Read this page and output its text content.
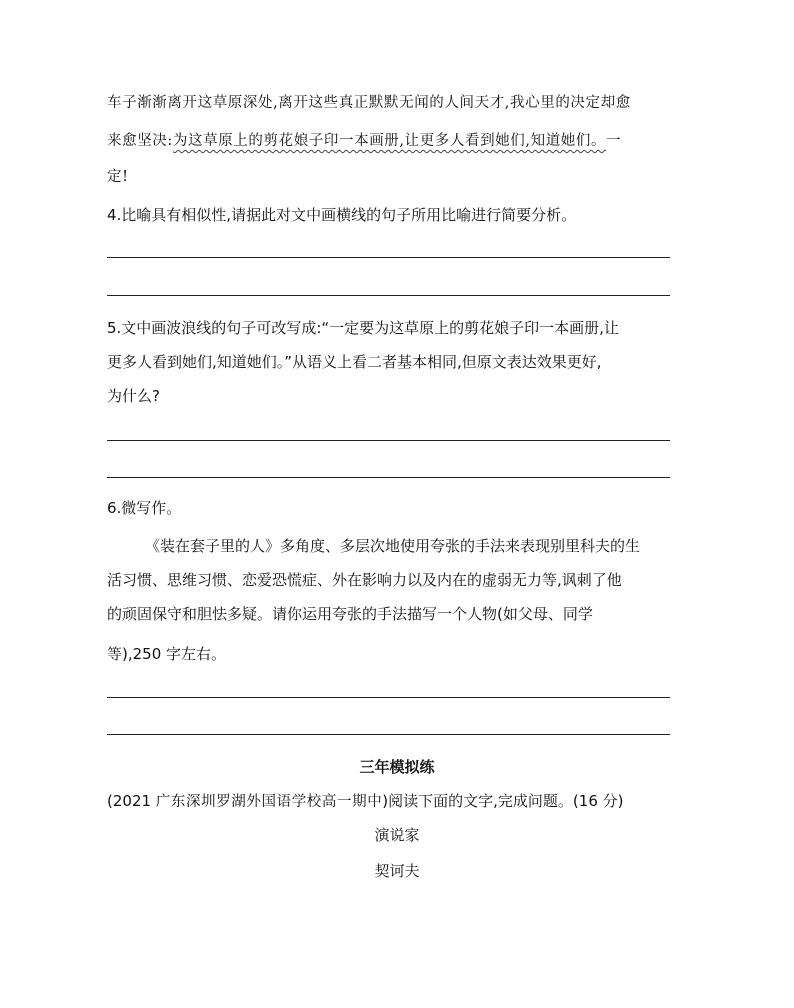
车子渐渐离开这草原深处,离开这些真正默默无闻的人间天才,我心里的决定却愈
来愈坚决:为这草原上的剪花娘子印一本画册,让更多人看到她们,知道她们。一
定!
4.比喻具有相似性,请据此对文中画横线的句子所用比喻进行简要分析。
5.文中画波浪线的句子可改写成:“一定要为这草原上的剪花娘子印一本画册,让
更多人看到她们,知道她们。”从语义上看二者基本相同,但原文表达效果更好,
为什么?
6.微写作。
《装在套子里的人》多角度、多层次地使用夸张的手法来表现别里科夫的生
活习惯、思维习惯、恋爱恐慌症、外在影响力以及内在的虚弱无力等,讽刺了他
的顽固保守和胆怯多疑。请你运用夸张的手法描写一个人物(如父母、同学
等),250 字左右。
三年模拟练
(2021 广东深圳罗湖外国语学校高一期中)阅读下面的文字,完成问题。(16 分)
演说家
契诃夫
